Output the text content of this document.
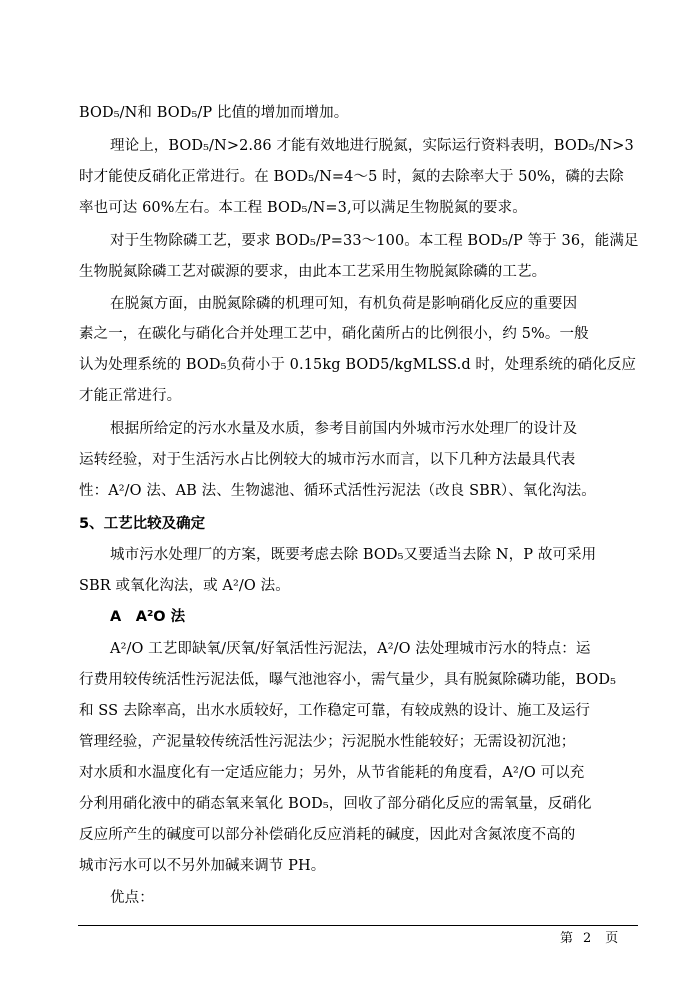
BOD₅/N和 BOD₅/P 比值的增加而增加。
理论上，BOD₅/N>2.86 才能有效地进行脱氮，实际运行资料表明，BOD₅/N>3
时才能使反硝化正常进行。在 BOD₅/N=4～5 时，氮的去除率大于 50%，磷的去除
率也可达 60%左右。本工程 BOD₅/N=3,可以满足生物脱氮的要求。
对于生物除磷工艺，要求 BOD₅/P=33～100。本工程 BOD₅/P 等于 36，能满足
生物脱氮除磷工艺对碳源的要求，由此本工艺采用生物脱氮除磷的工艺。
在脱氮方面，由脱氮除磷的机理可知，有机负荷是影响硝化反应的重要因
素之一，在碳化与硝化合并处理工艺中，硝化菌所占的比例很小，约 5%。一般
认为处理系统的 BOD₅负荷小于 0.15kg BOD5/kgMLSS.d 时，处理系统的硝化反应
才能正常进行。
根据所给定的污水水量及水质，参考目前国内外城市污水处理厂的设计及
运转经验，对于生活污水占比例较大的城市污水而言，以下几种方法最具代表
性：A²/O 法、AB 法、生物滤池、循环式活性污泥法（改良 SBR）、氧化沟法。
5、工艺比较及确定
城市污水处理厂的方案，既要考虑去除 BOD₅又要适当去除 N，P 故可采用
SBR 或氧化沟法，或 A²/O 法。
A　A²O 法
A²/O 工艺即缺氧/厌氧/好氧活性污泥法，A²/O 法处理城市污水的特点：运
行费用较传统活性污泥法低，曝气池池容小，需气量少，具有脱氮除磷功能，BOD₅
和 SS 去除率高，出水水质较好，工作稳定可靠，有较成熟的设计、施工及运行
管理经验，产泥量较传统活性污泥法少；污泥脱水性能较好；无需设初沉池；
对水质和水温度化有一定适应能力；另外，从节省能耗的角度看，A²/O 可以充
分利用硝化液中的硝态氧来氧化 BOD₅，回收了部分硝化反应的需氧量，反硝化
反应所产生的碱度可以部分补偿硝化反应消耗的碱度，因此对含氮浓度不高的
城市污水可以不另外加碱来调节 PH。
优点：
第 2 页
